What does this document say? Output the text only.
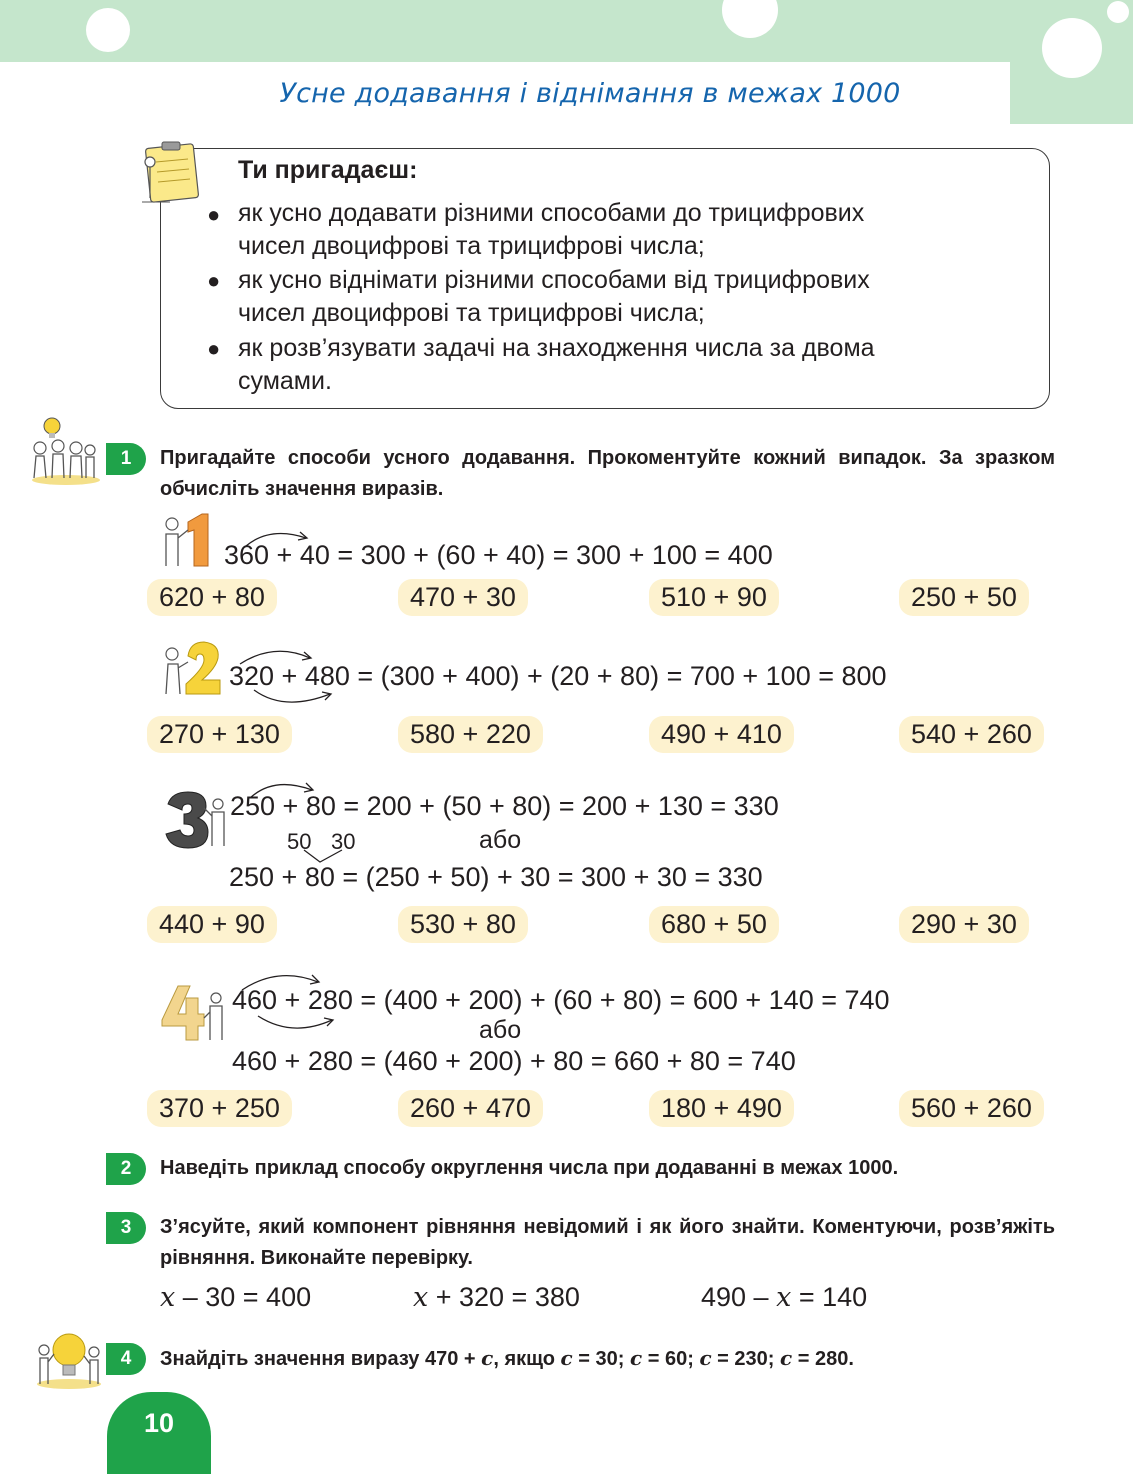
Усне додавання і віднімання в межах 1000
Ти пригадаєш:
● як усно додавати різними способами до трицифрових
чисел двоцифрові та трицифрові числа;
● як усно віднімати різними способами від трицифрових
чисел двоцифрові та трицифрові числа;
● як розв’язувати задачі на знаходження числа за двома
сумами.
1	Пригадайте способи усного додавання. Прокоментуйте кожний випадок. За зразком обчисліть значення виразів.
360 + 40 = 300 + (60 + 40) = 300 + 100 = 400
620 + 80	470 + 30	510 + 90	250 + 50
320 + 480 = (300 + 400) + (20 + 80) = 700 + 100 = 800
270 + 130	580 + 220	490 + 410	540 + 260
250 + 80 = 200 + (50 + 80) = 200 + 130 = 330
50 30	або
250 + 80 = (250 + 50) + 30 = 300 + 30 = 330
440 + 90	530 + 80	680 + 50	290 + 30
460 + 280 = (400 + 200) + (60 + 80) = 600 + 140 = 740
або
460 + 280 = (460 + 200) + 80 = 660 + 80 = 740
370 + 250	260 + 470	180 + 490	560 + 260
2	Наведіть приклад способу округлення числа при додаванні в межах 1000.
3	З’ясуйте, який компонент рівняння невідомий і як його знайти. Коментуючи, розв’яжіть рівняння. Виконайте перевірку.
x – 30 = 400	x + 320 = 380	490 – x = 140
4	Знайдіть значення виразу 470 + c, якщо c = 30; c = 60; c = 230; c = 280.
10
